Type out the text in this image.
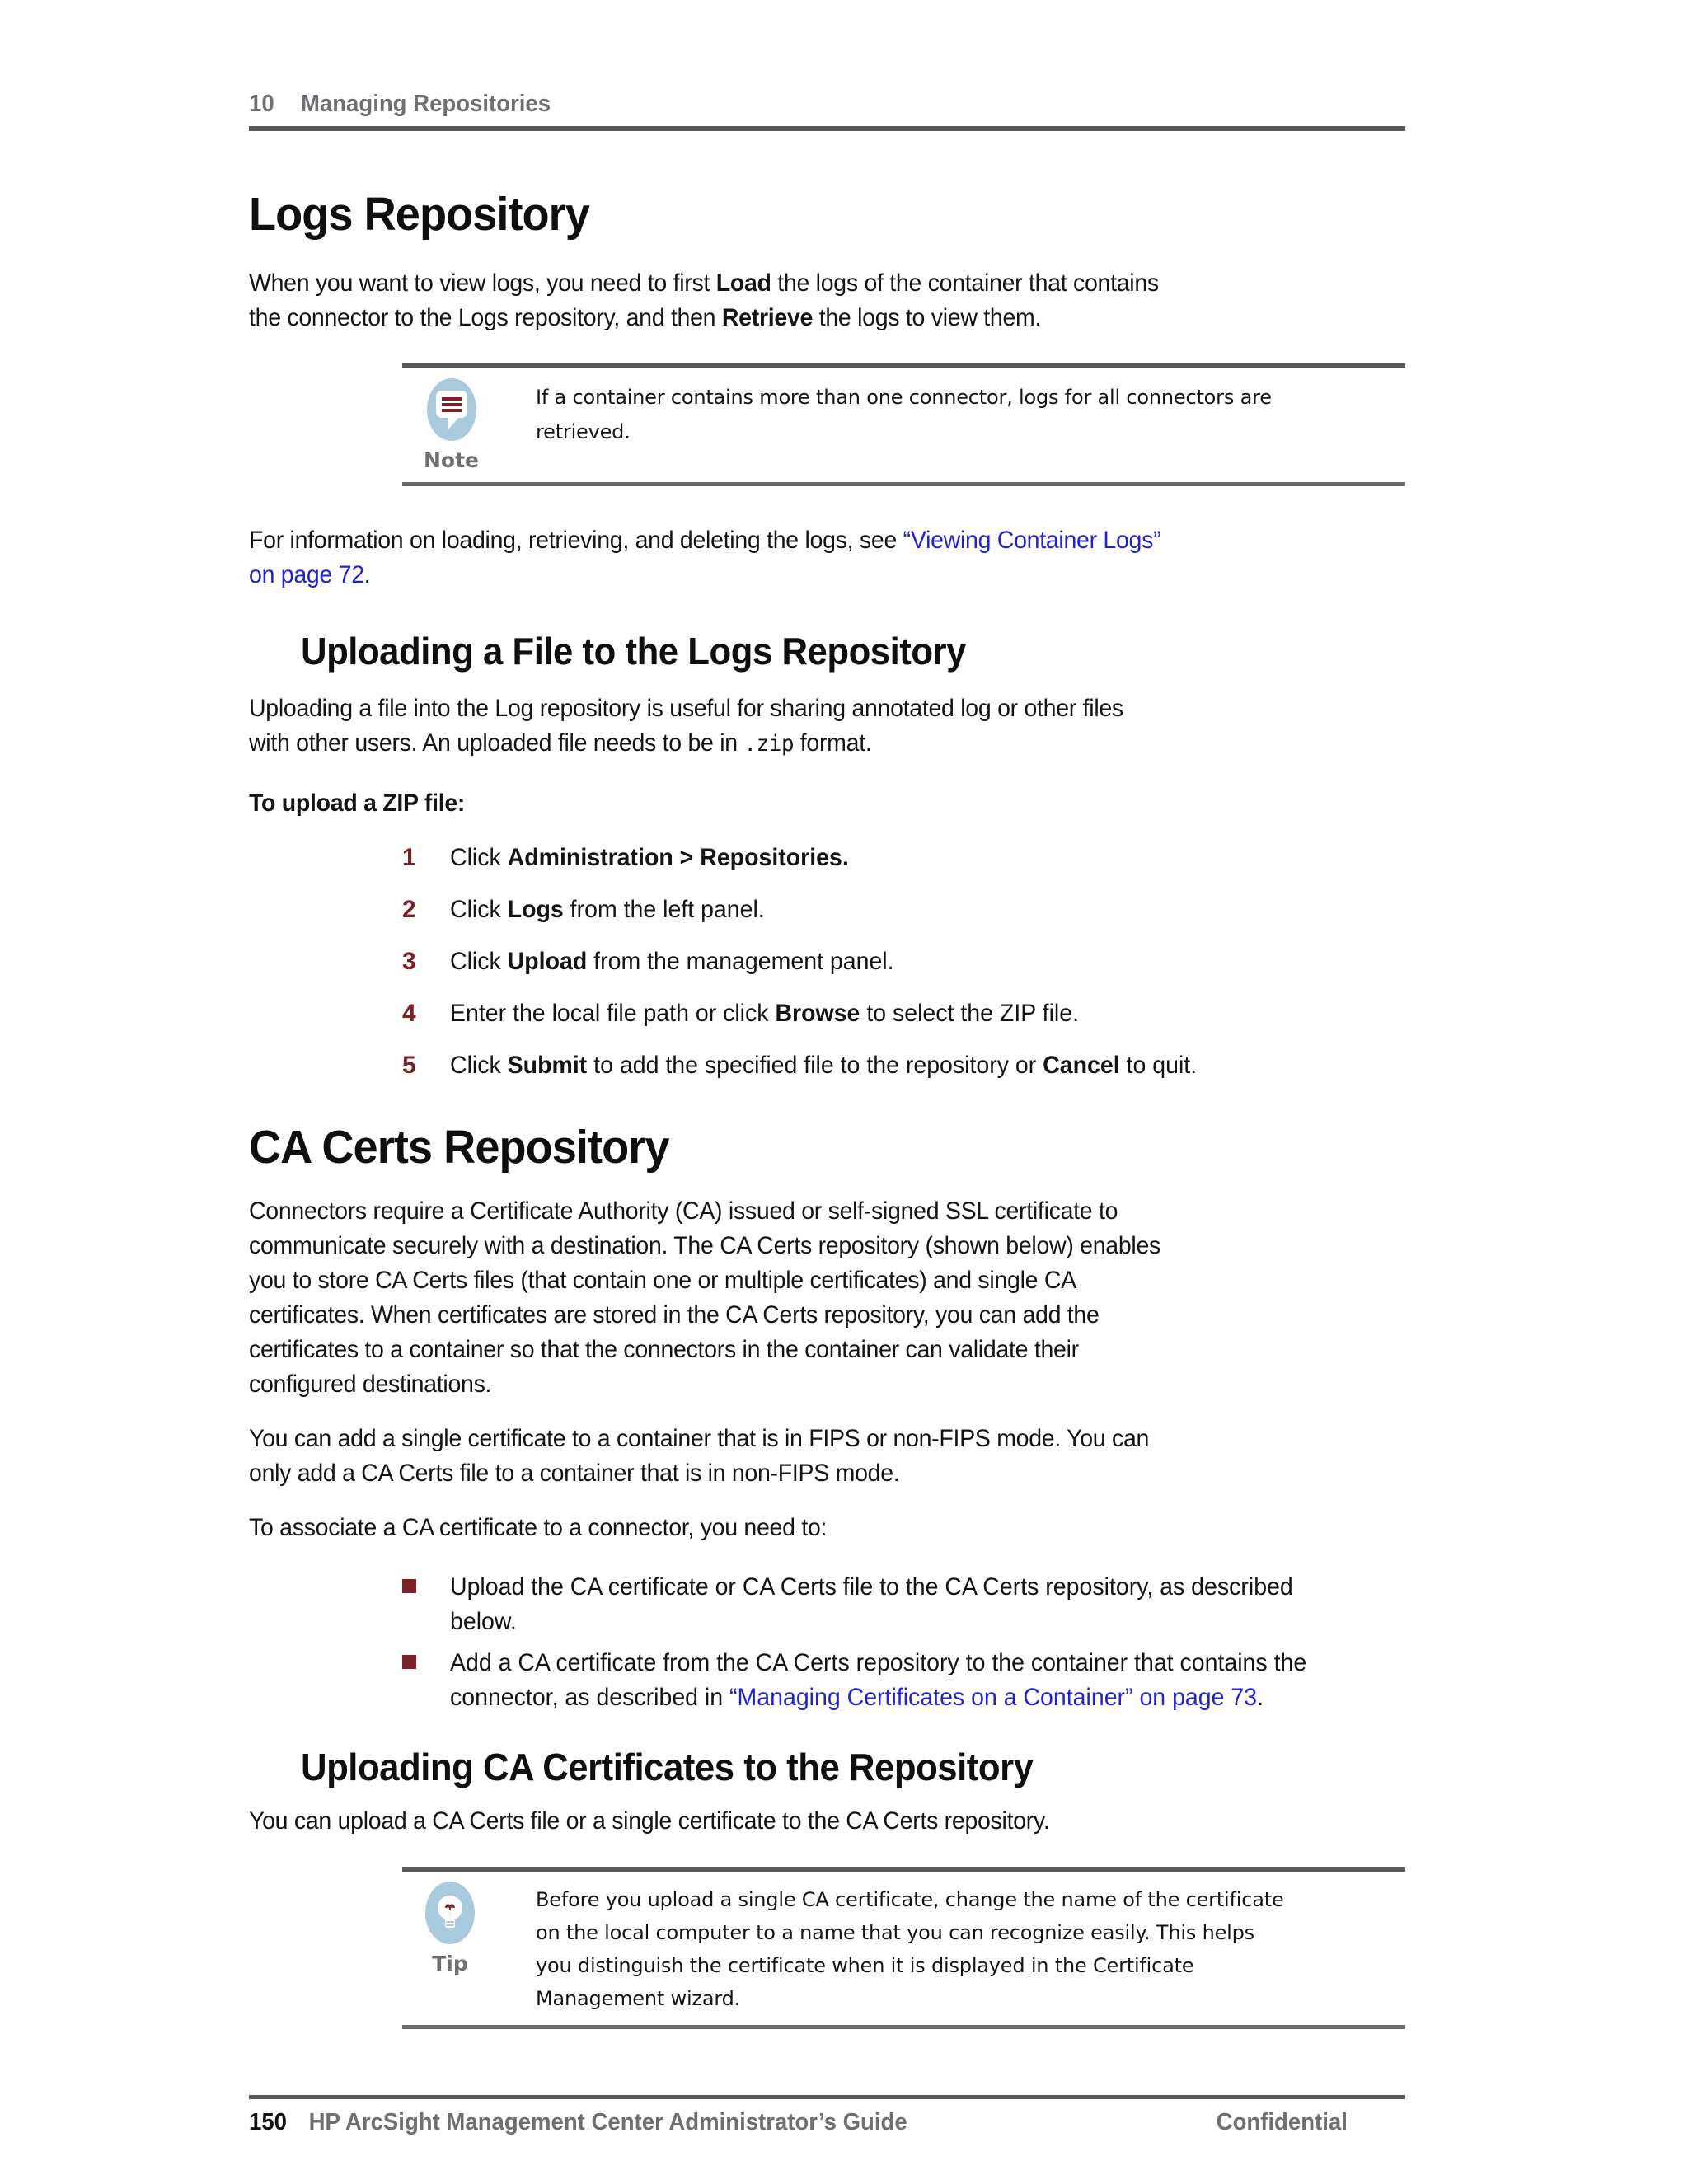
10 Managing Repositories
Logs Repository

When you want to view logs, you need to first Load the logs of the container that contains
the connector to the Logs repository, and then Retrieve the logs to view them.

Note
If a container contains more than one connector, logs for all connectors are
retrieved.

For information on loading, retrieving, and deleting the logs, see “Viewing Container Logs”
on page 72.

Uploading a File to the Logs Repository

Uploading a file into the Log repository is useful for sharing annotated log or other files
with other users. An uploaded file needs to be in .zip format.

To upload a ZIP file:

1	Click Administration > Repositories.
2	Click Logs from the left panel.
3	Click Upload from the management panel.
4	Enter the local file path or click Browse to select the ZIP file.
5	Click Submit to add the specified file to the repository or Cancel to quit.
CA Certs Repository

Connectors require a Certificate Authority (CA) issued or self-signed SSL certificate to
communicate securely with a destination. The CA Certs repository (shown below) enables
you to store CA Certs files (that contain one or multiple certificates) and single CA
certificates. When certificates are stored in the CA Certs repository, you can add the
certificates to a container so that the connectors in the container can validate their
configured destinations.

You can add a single certificate to a container that is in FIPS or non-FIPS mode. You can
only add a CA Certs file to a container that is in non-FIPS mode.

To associate a CA certificate to a connector, you need to:

Upload the CA certificate or CA Certs file to the CA Certs repository, as described
below.
Add a CA certificate from the CA Certs repository to the container that contains the
connector, as described in “Managing Certificates on a Container” on page 73.
Uploading CA Certificates to the Repository

You can upload a CA Certs file or a single certificate to the CA Certs repository.

Tip
Before you upload a single CA certificate, change the name of the certificate
on the local computer to a name that you can recognize easily. This helps
you distinguish the certificate when it is displayed in the Certificate
Management wizard.
150 HP ArcSight Management Center Administrator’s Guide	Confidential
